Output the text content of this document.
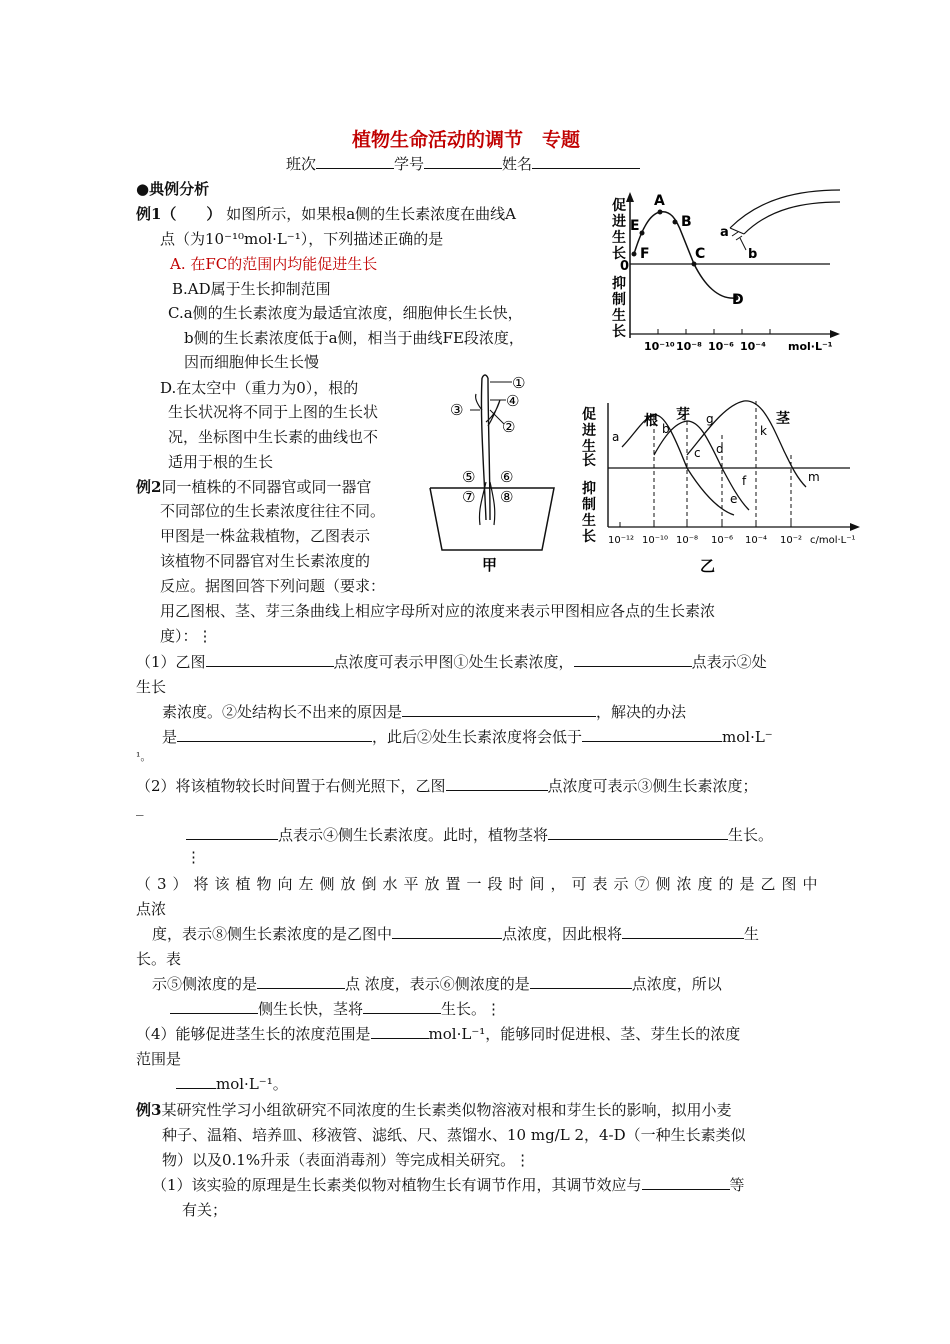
植物生命活动的调节　专题
班次	学号	姓名
●典例分析
例1（　　） 如图所示，如果根a侧的生长素浓度在曲线A
点（为10⁻¹⁰mol·L⁻¹），下列描述正确的是
A. 在FC的范围内均能促进生长
B.AD属于生长抑制范围
C.a侧的生长素浓度为最适宜浓度，细胞伸长生长快，
b侧的生长素浓度低于a侧，相当于曲线FE段浓度，
因而细胞伸长生长慢
D.在太空中（重力为0），根的
生长状况将不同于上图的生长状
况，坐标图中生长素的曲线也不
适用于根的生长
例2同一植株的不同器官或同一器官
不同部位的生长素浓度往往不同。
甲图是一株盆栽植物，乙图表示
该植物不同器官对生长素浓度的
反应。据图回答下列问题（要求：
用乙图根、茎、芽三条曲线上相应字母所对应的浓度来表示甲图相应各点的生长素浓
度）：⋮
（1）乙图	点浓度可表示甲图①处生长素浓度，	点表示②处
生长
素浓度。②处结构长不出来的原因是	，解决的办法
是	，此后②处生长素浓度将会低于	mol·L⁻
¹。
（2）将该植物较长时间置于右侧光照下，乙图	点浓度可表示③侧生长素浓度；
_
点表示④侧生长素浓度。此时，植物茎将	生长。
⋮
（3）将该植物向左侧放倒水平放置一段时间，可表示⑦侧浓度的是乙图中
点浓
度，表示⑧侧生长素浓度的是乙图中	点浓度，因此根将	生
长。表
示⑤侧浓度的是	点 浓度，表示⑥侧浓度的是	点浓度，所以
侧生长快，茎将	生长。⋮
（4）能够促进茎生长的浓度范围是	mol·L⁻¹，能够同时促进根、茎、芽生长的浓度
范围是
mol·L⁻¹。
例3某研究性学习小组欲研究不同浓度的生长素类似物溶液对根和芽生长的影响，拟用小麦
种子、温箱、培养皿、移液管、滤纸、尺、蒸馏水、10 mg/L 2，4-D（一种生长素类似
物）以及0.1%升汞（表面消毒剂）等完成相关研究。⋮
（1）该实验的原理是生长素类似物对植物生长有调节作用，其调节效应与	等
有关；
促
进
生
长
0
抑
制
生
长
A
B
C
D
E
F
a
b
10⁻¹⁰ 10⁻⁸ 10⁻⁶ 10⁻⁴ mol·L⁻¹
①
②
③	④
⑤ ⑥
⑦ ⑧
甲
促
进
生
长
抑
制
生
长
根 芽	茎
a
b
c d
e
f
g
k
m
10⁻¹² 10⁻¹⁰ 10⁻⁸ 10⁻⁶ 10⁻⁴ 10⁻² c/mol·L⁻¹
乙
